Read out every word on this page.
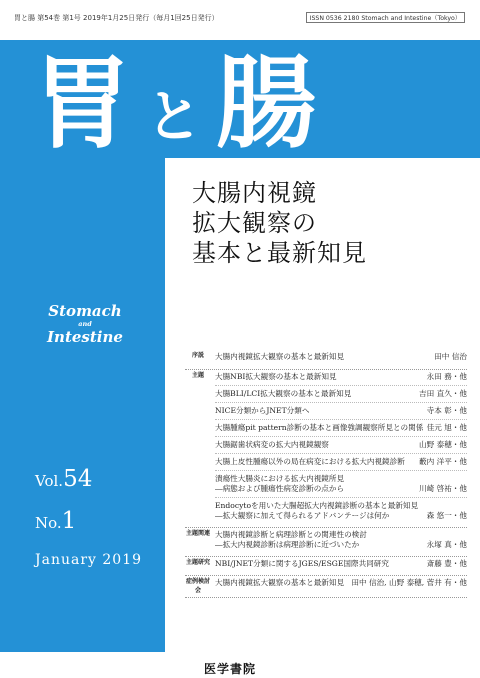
胃と腸 第54巻 第1号 2019年1月25日発行（毎月1回25日発行）	ISSN 0536 2180 Stomach and Intestine（Tokyo）
胃 と 腸
大腸内視鏡
拡大観察の
基本と最新知見
Stomach
and
Intestine
Vol.54
No.1
January 2019
序説	大腸内視鏡拡大観察の基本と最新知見	田中 信治
主題	大腸NBI拡大観察の基本と最新知見	永田 務・他
大腸BLI/LCI拡大観察の基本と最新知見	吉田 直久・他
NICE分類からJNET分類へ	寺本 彰・他
大腸腫瘍pit pattern診断の基本と画像強調観察所見との関係 佳元 旭・他
大腸鋸歯状病変の拡大内視鏡観察	山野 泰穂・他
大腸上皮性腫瘍以外の局在病変における拡大内視鏡診断	藪内 洋平・他
潰瘍性大腸炎における拡大内視鏡所見
―病態および腫瘍性病変診断の点から	川崎 啓祐・他
Endocytoを用いた大腸超拡大内視鏡診断の基本と最新知見
―拡大観察に加えて得られるアドバンテージは何か	森 悠一・他
主題関連 大腸内視鏡診断と病理診断との関連性の検討
―拡大内視鏡診断は病理診断に近づいたか	永塚 真・他
主題研究 NBI/JNET分類に関するJGES/ESGE国際共同研究	斎藤 豊・他
症例検討会
大腸内視鏡拡大観察の基本と最新知見 田中 信治, 山野 泰穂, 菅井 有・他
医学書院
